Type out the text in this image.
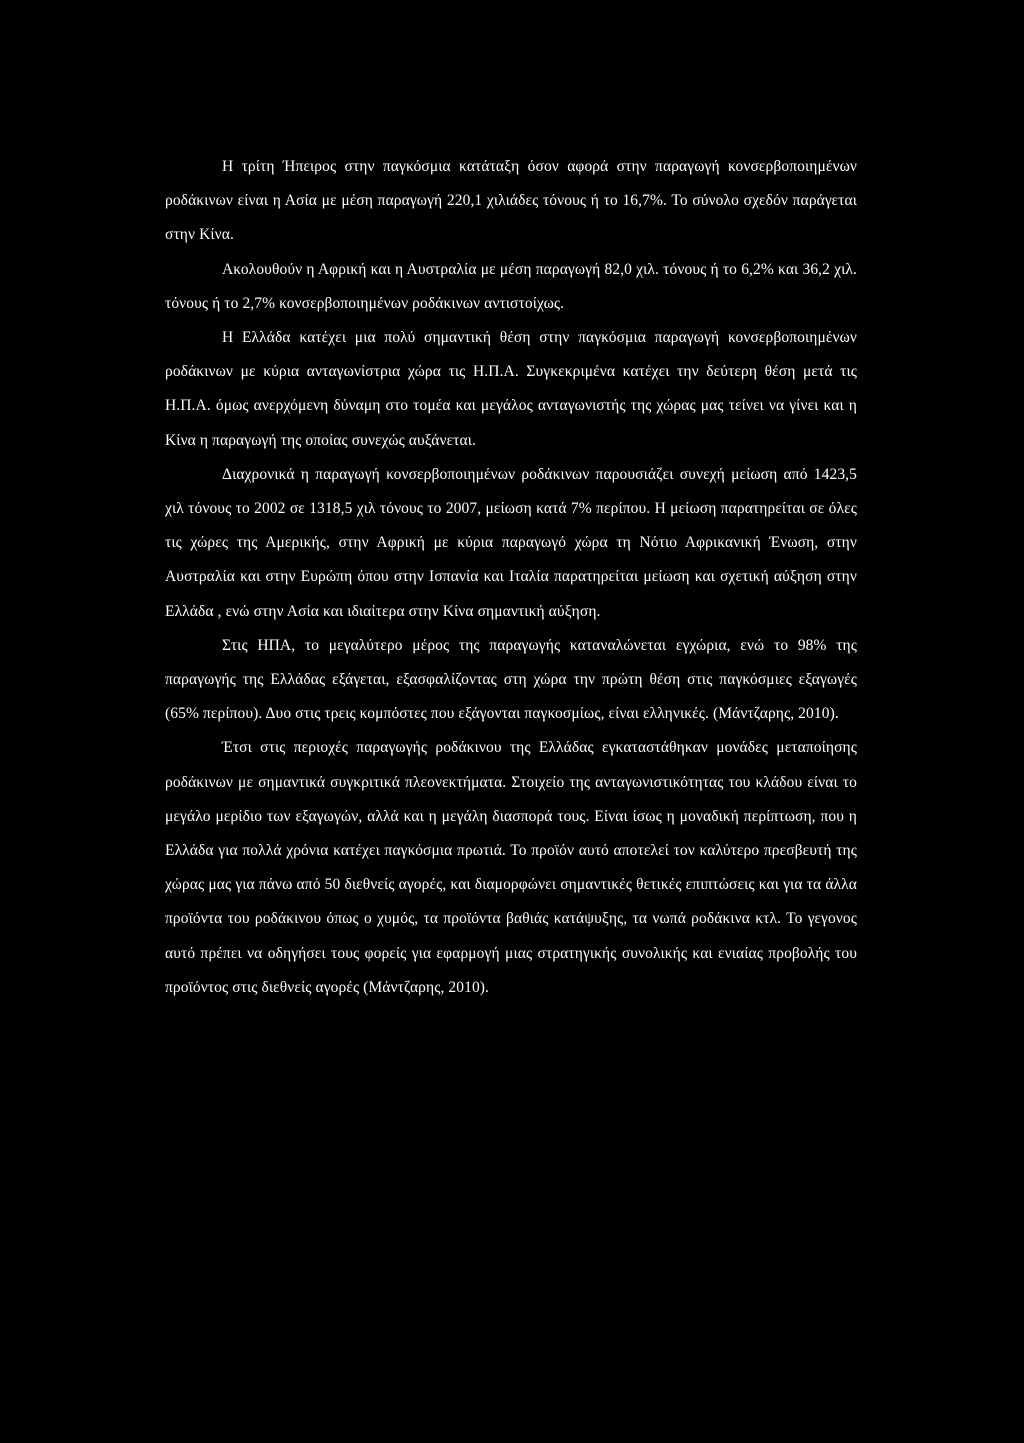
Η τρίτη Ήπειρος στην παγκόσμια κατάταξη όσον αφορά στην παραγωγή κονσερβοποιημένων ροδάκινων είναι η Ασία με μέση παραγωγή 220,1 χιλιάδες τόνους ή το 16,7%. Το σύνολο σχεδόν παράγεται στην Κίνα.

Ακολουθούν η Αφρική και η Αυστραλία με μέση παραγωγή 82,0 χιλ. τόνους ή το 6,2% και 36,2 χιλ. τόνους ή το 2,7% κονσερβοποιημένων ροδάκινων αντιστοίχως.

Η Ελλάδα κατέχει μια πολύ σημαντική θέση στην παγκόσμια παραγωγή κονσερβοποιημένων ροδάκινων με κύρια ανταγωνίστρια χώρα τις Η.Π.Α. Συγκεκριμένα κατέχει την δεύτερη θέση μετά τις Η.Π.Α. όμως ανερχόμενη δύναμη στο τομέα και μεγάλος ανταγωνιστής της χώρας μας τείνει να γίνει και η Κίνα η παραγωγή της οποίας συνεχώς αυξάνεται.

Διαχρονικά η παραγωγή κονσερβοποιημένων ροδάκινων παρουσιάζει συνεχή μείωση από 1423,5 χιλ τόνους το 2002 σε 1318,5 χιλ τόνους το 2007, μείωση κατά 7% περίπου. Η μείωση παρατηρείται σε όλες τις χώρες της Αμερικής, στην Αφρική με κύρια παραγωγό χώρα τη Νότιο Αφρικανική Ένωση, στην Αυστραλία και στην Ευρώπη όπου στην Ισπανία και Ιταλία παρατηρείται μείωση και σχετική αύξηση στην Ελλάδα , ενώ στην Ασία και ιδιαίτερα στην Κίνα σημαντική αύξηση.

Στις ΗΠΑ, το μεγαλύτερο μέρος της παραγωγής καταναλώνεται εγχώρια, ενώ το 98% της παραγωγής της Ελλάδας εξάγεται, εξασφαλίζοντας στη χώρα την πρώτη θέση στις παγκόσμιες εξαγωγές (65% περίπου). Δυο στις τρεις κομπόστες που εξάγονται παγκοσμίως, είναι ελληνικές. (Μάντζαρης, 2010).

Έτσι στις περιοχές παραγωγής ροδάκινου της Ελλάδας εγκαταστάθηκαν μονάδες μεταποίησης ροδάκινων με σημαντικά συγκριτικά πλεονεκτήματα. Στοιχείο της ανταγωνιστικότητας του κλάδου είναι το μεγάλο μερίδιο των εξαγωγών, αλλά και η μεγάλη διασπορά τους. Είναι ίσως η μοναδική περίπτωση, που η Ελλάδα για πολλά χρόνια κατέχει παγκόσμια πρωτιά. Το προϊόν αυτό αποτελεί τον καλύτερο πρεσβευτή της χώρας μας για πάνω από 50 διεθνείς αγορές, και διαμορφώνει σημαντικές θετικές επιπτώσεις και για τα άλλα προϊόντα του ροδάκινου όπως ο χυμός, τα προϊόντα βαθιάς κατάψυξης, τα νωπά ροδάκινα κτλ. Το γεγονος αυτό πρέπει να οδηγήσει τους φορείς για εφαρμογή μιας στρατηγικής συνολικής και ενιαίας προβολής του προϊόντος στις διεθνείς αγορές (Μάντζαρης, 2010).
